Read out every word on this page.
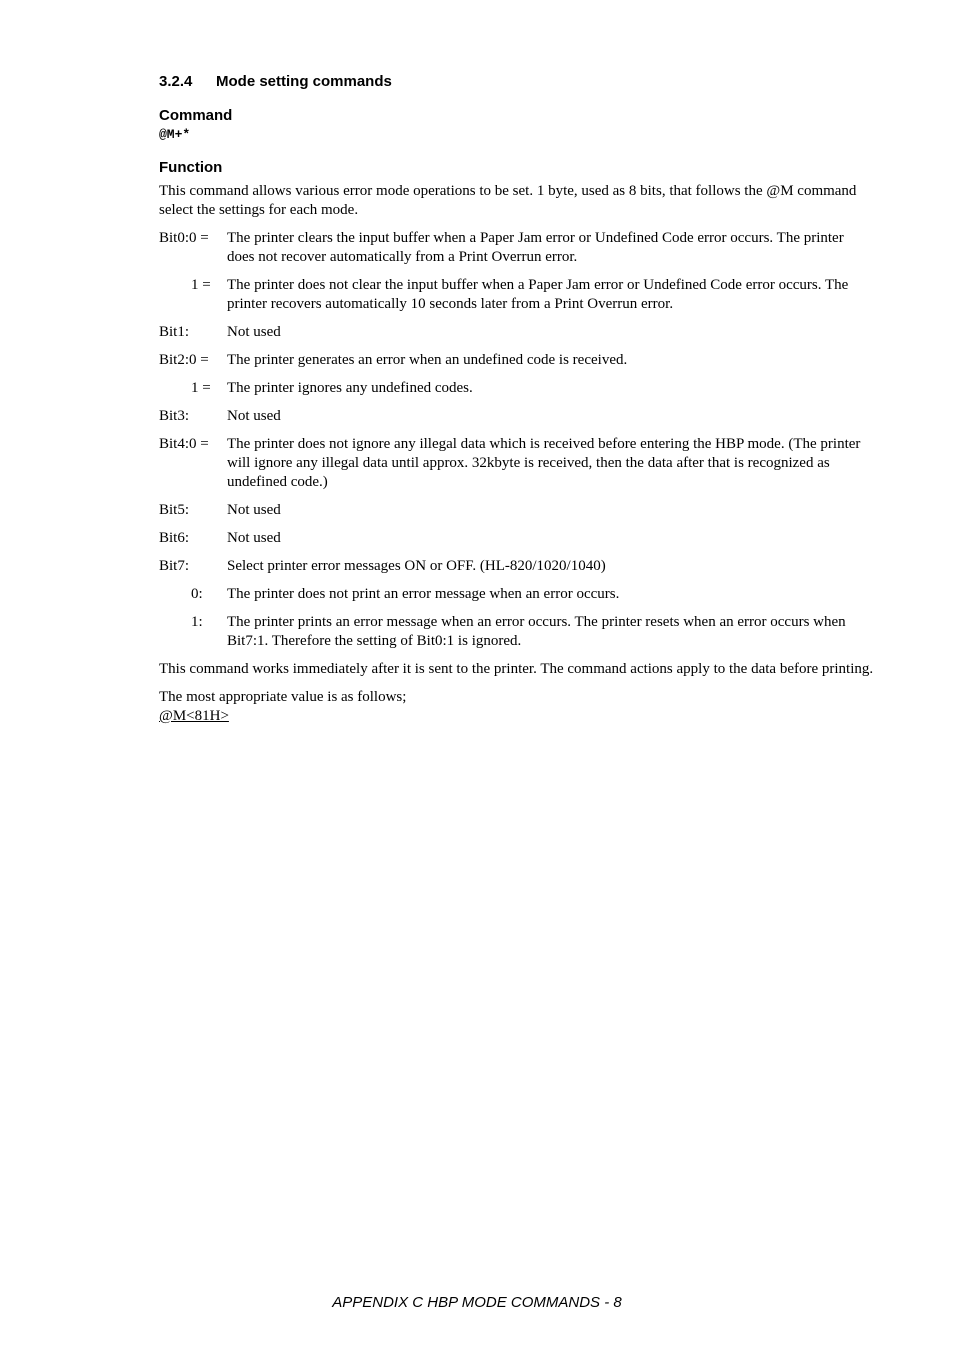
3.2.4	Mode setting commands
Command
@M+*
Function
This command allows various error mode operations to be set. 1 byte, used as 8 bits, that follows the @M command select the settings for each mode.
Bit0:0 =	The printer clears the input buffer when a Paper Jam error or Undefined Code error occurs. The printer does not recover automatically from a Print Overrun error.
1 =	The printer does not clear the input buffer when a Paper Jam error or Undefined Code error occurs. The printer recovers automatically 10 seconds later from a Print Overrun error.
Bit1:	Not used
Bit2:0 =	The printer generates an error when an undefined code is received.
1 =	The printer ignores any undefined codes.
Bit3:	Not used
Bit4:0 =	The printer does not ignore any illegal data which is received before entering the HBP mode. (The printer will ignore any illegal data until approx. 32kbyte is received, then the data after that is recognized as undefined code.)
Bit5:	Not used
Bit6:	Not used
Bit7:	Select printer error messages ON or OFF. (HL-820/1020/1040)
0:	The printer does not print an error message when an error occurs.
1:	The printer prints an error message when an error occurs. The printer resets when an error occurs when Bit7:1. Therefore the setting of Bit0:1 is ignored.
This command works immediately after it is sent to the printer. The command actions apply to the data before printing.
The most appropriate value is as follows;
@M<81H>
APPENDIX C HBP MODE COMMANDS - 8
